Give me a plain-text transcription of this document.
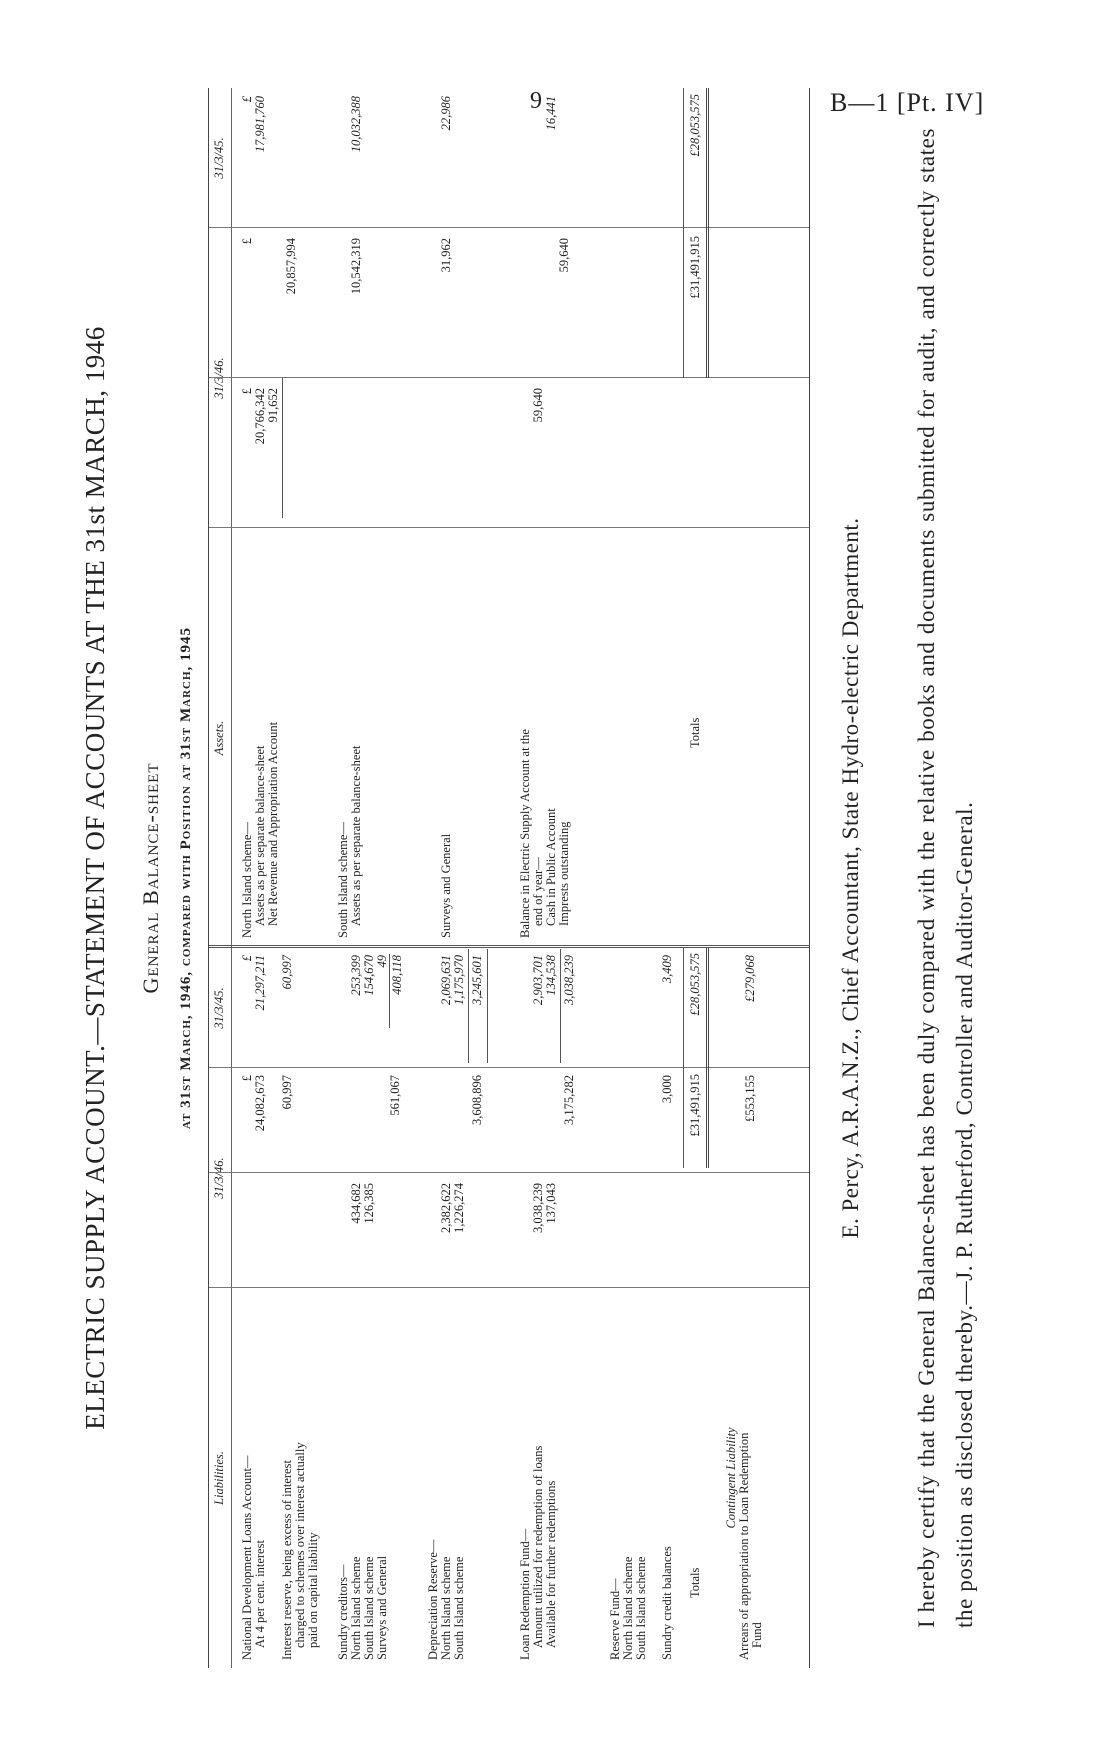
9	B—1 [Pt. IV]
ELECTRIC SUPPLY ACCOUNT.—STATEMENT OF ACCOUNTS AT THE 31st MARCH, 1946 General Balance-sheet at 31st March, 1946, compared with Position at 31st March, 1945
Liabilities.
31/3/46.
31/3/45.
Assets.
31/3/46.
31/3/45.
National Development Loans Account— At 4 per cent. interest
£ 24,082,673
£ 21,297,211
Interest reserve, being excess of interest charged to schemes over interest actually paid on capital liability
60,997
60,997
Sundry creditors— North Island scheme South Island scheme Surveys and General
434,682 126,385
561,067
253,399 154,670 49 408,118
Depreciation Reserve— North Island scheme South Island scheme
2,382,622 1,226,274
3,608,896
2,069,631 1,175,970 3,245,601
Loan Redemption Fund— Amount utilized for redemption of loans Available for further redemptions
3,038,239 137,043
3,175,282
2,903,701 134,538 3,038,239
Reserve Fund— North Island scheme South Island scheme Sundry credit balances
3,000
3,409
Totals
£31,491,915
£28,053,575
Contingent Liability Arrears of appropriation to Loan Redemption Fund
£553,155
£279,068
North Island scheme— Assets as per separate balance-sheet Net Revenue and Appropriation Account
£ 20,766,342 91,652
£ 20,857,994
£ 17,981,760
South Island scheme— Assets as per separate balance-sheet
10,542,319
10,032,388
Surveys and General
31,962
22,986
Balance in Electric Supply Account at the end of year— Cash in Public Account Imprests outstanding
59,640
59,640
16,441
Totals
£31,491,915
£28,053,575
E. Percy, A.R.A.N.Z., Chief Accountant, State Hydro-electric Department. I hereby certify that the General Balance-sheet has been duly compared with the relative books and documents submitted for audit, and correctly states the position as disclosed thereby.—J. P. Rutherford, Controller and Auditor-General.
